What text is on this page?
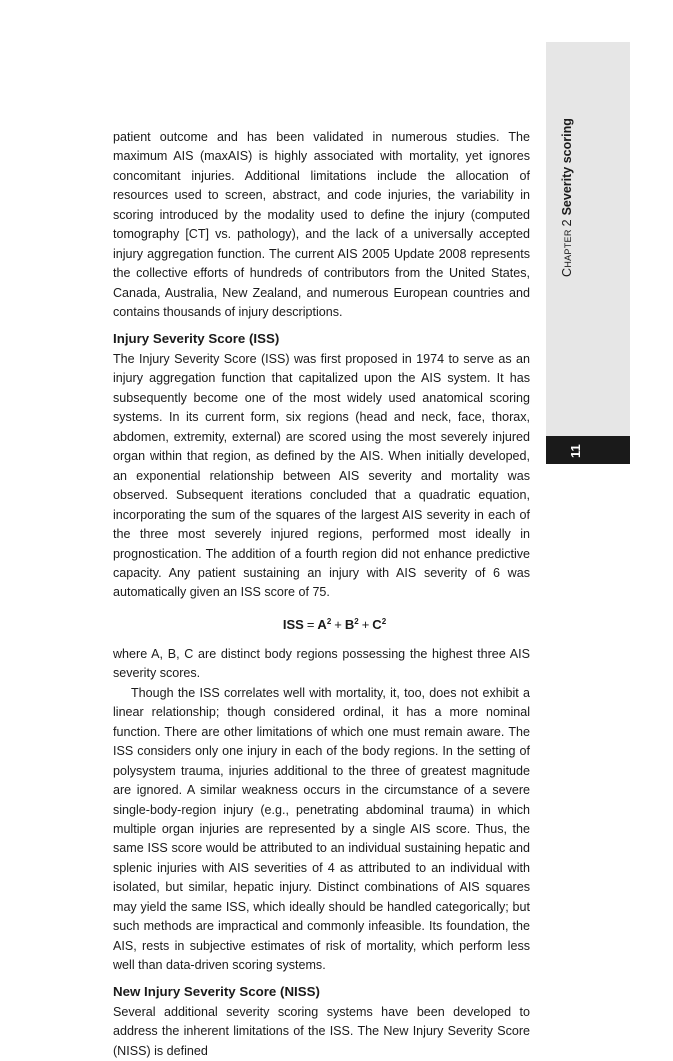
Chapter2Severity scoring
11

patient outcome and has been validated in numerous studies. The maximum AIS (maxAIS) is highly associated with mortality, yet ignores concomitant injuries. Additional limitations include the allocation of resources used to screen, abstract, and code injuries, the variability in scoring introduced by the modality used to define the injury (computed tomography [CT] vs. pathology), and the lack of a universally accepted injury aggregation function. The current AIS 2005 Update 2008 represents the collective efforts of hundreds of contributors from the United States, Canada, Australia, New Zealand, and numerous European countries and contains thousands of injury descriptions.

Injury Severity Score (ISS)

The Injury Severity Score (ISS) was first proposed in 1974 to serve as an injury aggregation function that capitalized upon the AIS system. It has subsequently become one of the most widely used anatomical scoring systems. In its current form, six regions (head and neck, face, thorax, abdomen, extremity, external) are scored using the most severely injured organ within that region, as defined by the AIS. When initially developed, an exponential relationship between AIS severity and mortality was observed. Subsequent iterations concluded that a quadratic equation, incorporating the sum of the squares of the largest AIS severity in each of the three most severely injured regions, performed most ideally in prognostication. The addition of a fourth region did not enhance predictive capacity. Any patient sustaining an injury with AIS severity of 6 was automatically given an ISS score of 75.

ISS = $A^2 + B^2 + C^2$

where A, B, C are distinct body regions possessing the highest three AIS severity scores.

Though the ISS correlates well with mortality, it, too, does not exhibit a linear relationship; though considered ordinal, it has a more nominal function. There are other limitations of which one must remain aware. The ISS considers only one injury in each of the body regions. In the setting of polysystem trauma, injuries additional to the three of greatest magnitude are ignored. A similar weakness occurs in the circumstance of a severe single-body-region injury (e.g., penetrating abdominal trauma) in which multiple organ injuries are represented by a single AIS score. Thus, the same ISS score would be attributed to an individual sustaining hepatic and splenic injuries with AIS severities of 4 as attributed to an individual with isolated, but similar, hepatic injury. Distinct combinations of AIS squares may yield the same ISS, which ideally should be handled categorically; but such methods are impractical and commonly infeasible. Its foundation, the AIS, rests in subjective estimates of risk of mortality, which perform less well than data-driven scoring systems.

New Injury Severity Score (NISS)

Several additional severity scoring systems have been developed to address the inherent limitations of the ISS. The New Injury Severity Score (NISS) is defined
